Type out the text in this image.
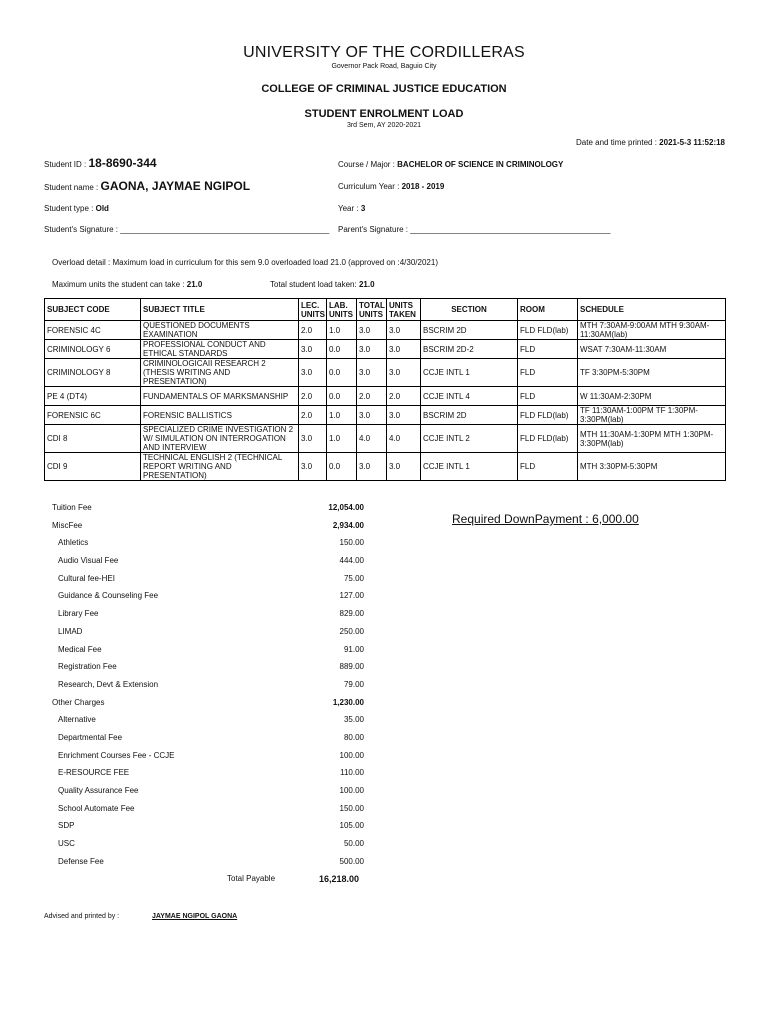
UNIVERSITY OF THE CORDILLERAS
Governor Pack Road, Baguio City
COLLEGE OF CRIMINAL JUSTICE EDUCATION
STUDENT ENROLMENT LOAD
3rd Sem, AY 2020-2021
Date and time printed : 2021-5-3 11:52:18
Student ID : 18-8690-344
Student name : GAONA, JAYMAE NGIPOL
Student type : Old
Student's Signature : _______________________________________________
Course / Major : BACHELOR OF SCIENCE IN CRIMINOLOGY
Curriculum Year : 2018 - 2019
Year : 3
Parent's Signature : _____________________________________________
Overload detail : Maximum load in curriculum for this sem 9.0 overloaded load 21.0 (approved on :4/30/2021)
Maximum units the student can take : 21.0	Total student load taken: 21.0
SUBJECT CODE	SUBJECT TITLE	LEC. UNITS	LAB. UNITS	TOTAL UNITS	UNITS TAKEN	SECTION	ROOM	SCHEDULE
FORENSIC 4C	QUESTIONED DOCUMENTS EXAMINATION	2.0	1.0	3.0	3.0	BSCRIM 2D	FLD FLD(lab)	MTH 7:30AM-9:00AM MTH 9:30AM-11:30AM(lab)
CRIMINOLOGY 6	PROFESSIONAL CONDUCT AND ETHICAL STANDARDS	3.0	0.0	3.0	3.0	BSCRIM 2D-2	FLD	WSAT 7:30AM-11:30AM
CRIMINOLOGY 8	CRIMINOLOGICAII RESEARCH 2 (THESIS WRITING AND PRESENTATION)	3.0	0.0	3.0	3.0	CCJE INTL 1	FLD	TF 3:30PM-5:30PM
PE 4 (DT4)	FUNDAMENTALS OF MARKSMANSHIP	2.0	0.0	2.0	2.0	CCJE INTL 4	FLD	W 11:30AM-2:30PM
FORENSIC 6C	FORENSIC BALLISTICS	2.0	1.0	3.0	3.0	BSCRIM 2D	FLD FLD(lab)	TF 11:30AM-1:00PM TF 1:30PM-3:30PM(lab)
CDI 8	SPECIALIZED CRIME INVESTIGATION 2 W/ SIMULATION ON INTERROGATION AND INTERVIEW	3.0	1.0	4.0	4.0	CCJE INTL 2	FLD FLD(lab)	MTH 11:30AM-1:30PM MTH 1:30PM-3:30PM(lab)
CDI 9	TECHNICAL ENGLISH 2 (TECHNICAL REPORT WRITING AND PRESENTATION)	3.0	0.0	3.0	3.0	CCJE INTL 1	FLD	MTH 3:30PM-5:30PM
Tuition Fee	12,054.00
MiscFee	2,934.00
Athletics	150.00
Audio Visual Fee	444.00
Cultural fee-HEI	75.00
Guidance & Counseling Fee	127.00
Library Fee	829.00
LIMAD	250.00
Medical Fee	91.00
Registration Fee	889.00
Research, Devt & Extension	79.00
Other Charges	1,230.00
Alternative	35.00
Departmental Fee	80.00
Enrichment Courses Fee - CCJE	100.00
E-RESOURCE FEE	110.00
Quality Assurance Fee	100.00
School Automate Fee	150.00
SDP	105.00
USC	50.00
Defense Fee	500.00
Total Payable	16,218.00
Required DownPayment : 6,000.00
Advised and printed by :	JAYMAE NGIPOL GAONA
